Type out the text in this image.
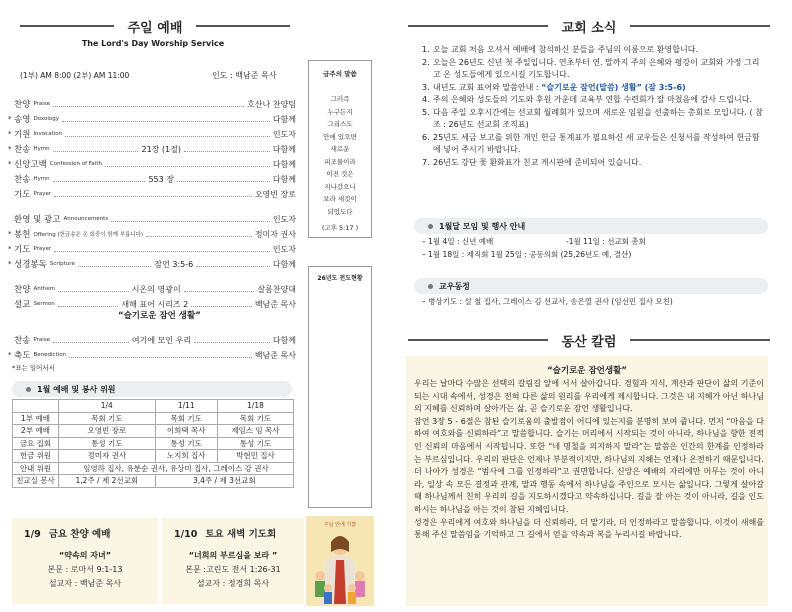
주일 예배
The Lord's Day Worship Service
(1부) AM 8:00 (2부) AM 11:00	인도 : 백남준 목사
찬양 Praise	호산나 찬양팀
* 송영 Doxology	다함께
* 기원 Invocation	인도자
* 찬송 Hymn	21장 (1절)	다함께
* 신앙고백 Confession of Faith	다함께
찬송 Hymn	553 장	다함께
기도 Prayer	오영빈 장로
환영 및 광고 Announcements	인도자
* 봉헌 Offering (헌금송은 온 회중이 함께 부릅니다)	정미자 권사
* 기도 Prayer	인도자
* 성경봉독 Scripture	잠언 3:5-6	다함께
찬양 Anthem	시온의 영광이	살롬찬양대
설교 Sermon	새해 표어 시리즈 2	백남준 목사
찬송 Praise	여기에 모인 우리	다함께
* 축도 Benediction	백남준 목사
“슬기로운 잠언 생활”
*표는 일어서서
금주의 말씀
그러즉
누구든지
그리스도
안에 있으면
새로운
피조물이라
이전 것은
지나갔으니
보라 새것이
되었도다
(고후 5:17 )
26년도 전도현황
1월 예배 및 봉사 위원
	1/4	1/11	1/18
1부 예배	목회 기도	목회 기도	목회 기도
2부 예배	오영빈 장로	이희택 목사	제임스 임 목사
금요 집회	통성 기도	통성 기도	통성 기도
헌금 위원	정미자 권사	노지희 집사	박현민 집사
안내 위원	임영하 집사, 유분순 권사, 유상미 집사, 그레이스 강 권사		
친교실 봉사	1,2주 / 제 2선교회	3,4주 / 제 3선교회	
1/9 금요 찬양 예배
“약속의 자녀”
본문 : 로마서 9:1-13
설교자 : 백남준 목사
1/10 토요 새벽 기도회
“너희의 부르심을 보라 ”
본문 :고린도 전서 1:26-31
설교자 : 정경희 목사
주님 안에 기쁨
교회 소식
1. 오늘 교회 처음 오셔서 예배에 참석하신 분들을 주님의 이름으로 환영합니다.
2. 오늘은 26년도 신년 첫 주일입니다. 연초부터 연. 말까지 주의 은혜와 평강이 교회와 가정 그리고 온 성도들에게 있으시길 기도합니다.
3. 내년도 교회 표어와 말씀안내 : “슬기로운 잠언(말씀) 생활” (잠 3:5-6)
4. 주의 은혜와 성도들의 기도와 후원 가운데 교육부 연합 수련회가 잘 마쳤음에 감사 드립니다.
5. 다음 주일 오후시간에는 선교회 월례회가 있으며 새로운 임원을 선출하는 총회로 모입니다. ( 참조 : 26년도 선교회 조직표)
6. 25년도 세금 보고를 위한 개인 헌금 통계표가 필요하신 새 교우들은 신청서를 작성하여 헌금함에 넣어 주시기 바랍니다.
7. 26년도 강단 꽃 환화표가 친교 게시판에 준비되어 있습니다.
1월달 모임 및 행사 안내
– 1월 4일 : 신년 예배	-1월 11일 : 선교회 총회
– 1월 18일 : 제직회 1월 25일 : 공동의회 (25,26년도 예, 결산)
교우동정
– 병상기도 : 설 철 집사, 그레이스 김 선교사, 송은열 권사 (임선민 집사 모친)
동산 칼럼
“슬기로운 잠언생활”
우리는 날마다 수많은 선택의 갈림길 앞에 서서 살아갑니다. 경험과 지식, 계산과 판단이 삶의 기준이 되는 시대 속에서, 성경은 전혀 다른 삶의 원리를 우리에게 제시합니다. 그것은 내 지혜가 아닌 하나님의 지혜를 신뢰하며 살아가는 삶, 곧 슬기로운 잠언 생활입니다.
잠언 3장 5 - 6절은 참된 슬기로움의 출발점이 어디에 있는지를 분명히 보여 줍니다. 먼저 “마음을 다하여 여호와를 신뢰하라”고 말씀합니다. 슬기는 머리에서 시작되는 것이 아니라, 하나님을 향한 전적인 신뢰의 마음에서 시작됩니다. 또한 “네 명철을 의지하지 말라”는 말씀은 인간의 한계를 인정하라는 부르심입니다. 우리의 판단은 언제나 부분적이지만, 하나님의 지혜는 언제나 온전하기 때문입니다.
더 나아가 성경은 “범사에 그를 인정하라”고 권면합니다. 신앙은 예배의 자리에만 머무는 것이 아니라, 일상 속 모든 결정과 관계, 말과 행동 속에서 하나님을 주인으로 모시는 삶입니다. 그렇게 살아갈 때 하나님께서 친히 우리의 길을 지도하시겠다고 약속하십니다. 길을 잘 아는 것이 아니라, 길을 인도하시는 하나님을 아는 것이 참된 지혜입니다.
성경은 우리에게 여호와 하나님을 더 신뢰하라, 더 맡기라, 더 인정하라고 말씀합니다. 이것이 새해를 통해 주신 말씀임을 기억하고 그 길에서 얻을 약속과 복을 누리시길 바랍니다.
